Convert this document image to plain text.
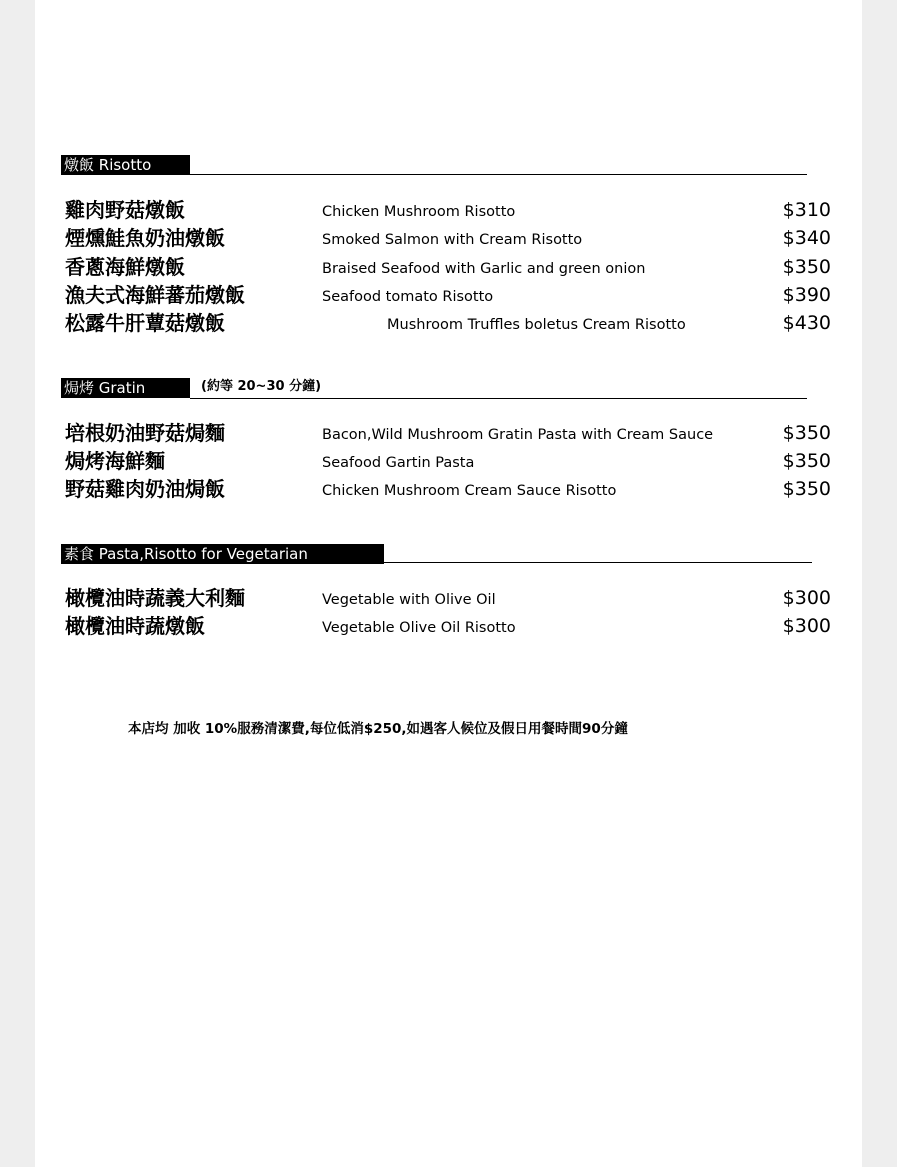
燉飯 Risotto
雞肉野菇燉飯	Chicken Mushroom Risotto	$310
煙燻鮭魚奶油燉飯	Smoked Salmon with Cream Risotto	$340
香蔥海鮮燉飯	Braised Seafood with Garlic and green onion	$350
漁夫式海鮮蕃茄燉飯	Seafood tomato Risotto	$390
松露牛肝蕈菇燉飯	Mushroom Truffles boletus Cream Risotto	$430
焗烤 Gratin	(約等 20~30 分鐘)
培根奶油野菇焗麵	Bacon,Wild Mushroom Gratin Pasta with Cream Sauce	$350
焗烤海鮮麵	Seafood Gartin Pasta	$350
野菇雞肉奶油焗飯	Chicken Mushroom Cream Sauce Risotto	$350
素食 Pasta,Risotto for Vegetarian
橄欖油時蔬義大利麵	Vegetable with Olive Oil	$300
橄欖油時蔬燉飯	Vegetable Olive Oil Risotto	$300
本店均 加收 10%服務清潔費,每位低消$250,如遇客人候位及假日用餐時間90分鐘
